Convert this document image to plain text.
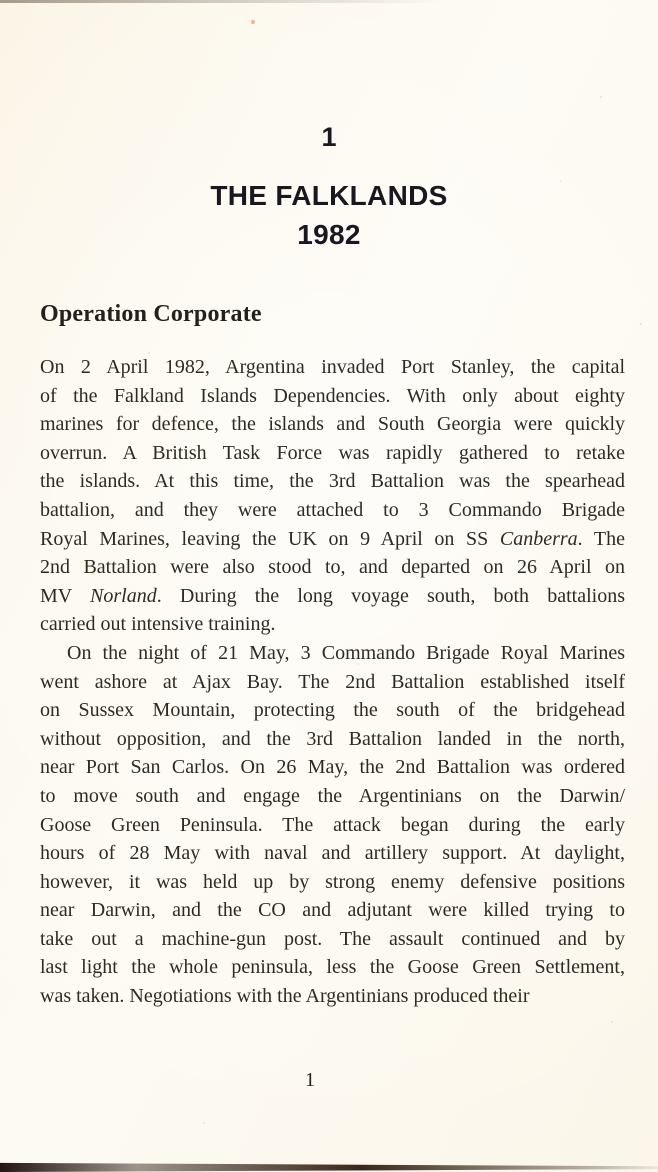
1
THE FALKLANDS
1982
Operation Corporate
On 2 April 1982, Argentina invaded Port Stanley, the capital
of the Falkland Islands Dependencies. With only about eighty
marines for defence, the islands and South Georgia were quickly
overrun. A British Task Force was rapidly gathered to retake
the islands. At this time, the 3rd Battalion was the spearhead
battalion, and they were attached to 3 Commando Brigade
Royal Marines, leaving the UK on 9 April on SS Canberra. The
2nd Battalion were also stood to, and departed on 26 April on
MV Norland. During the long voyage south, both battalions
carried out intensive training.
On the night of 21 May, 3 Commando Brigade Royal Marines
went ashore at Ajax Bay. The 2nd Battalion established itself
on Sussex Mountain, protecting the south of the bridgehead
without opposition, and the 3rd Battalion landed in the north,
near Port San Carlos. On 26 May, the 2nd Battalion was ordered
to move south and engage the Argentinians on the Darwin/
Goose Green Peninsula. The attack began during the early
hours of 28 May with naval and artillery support. At daylight,
however, it was held up by strong enemy defensive positions
near Darwin, and the CO and adjutant were killed trying to
take out a machine-gun post. The assault continued and by
last light the whole peninsula, less the Goose Green Settlement,
was taken. Negotiations with the Argentinians produced their
1
